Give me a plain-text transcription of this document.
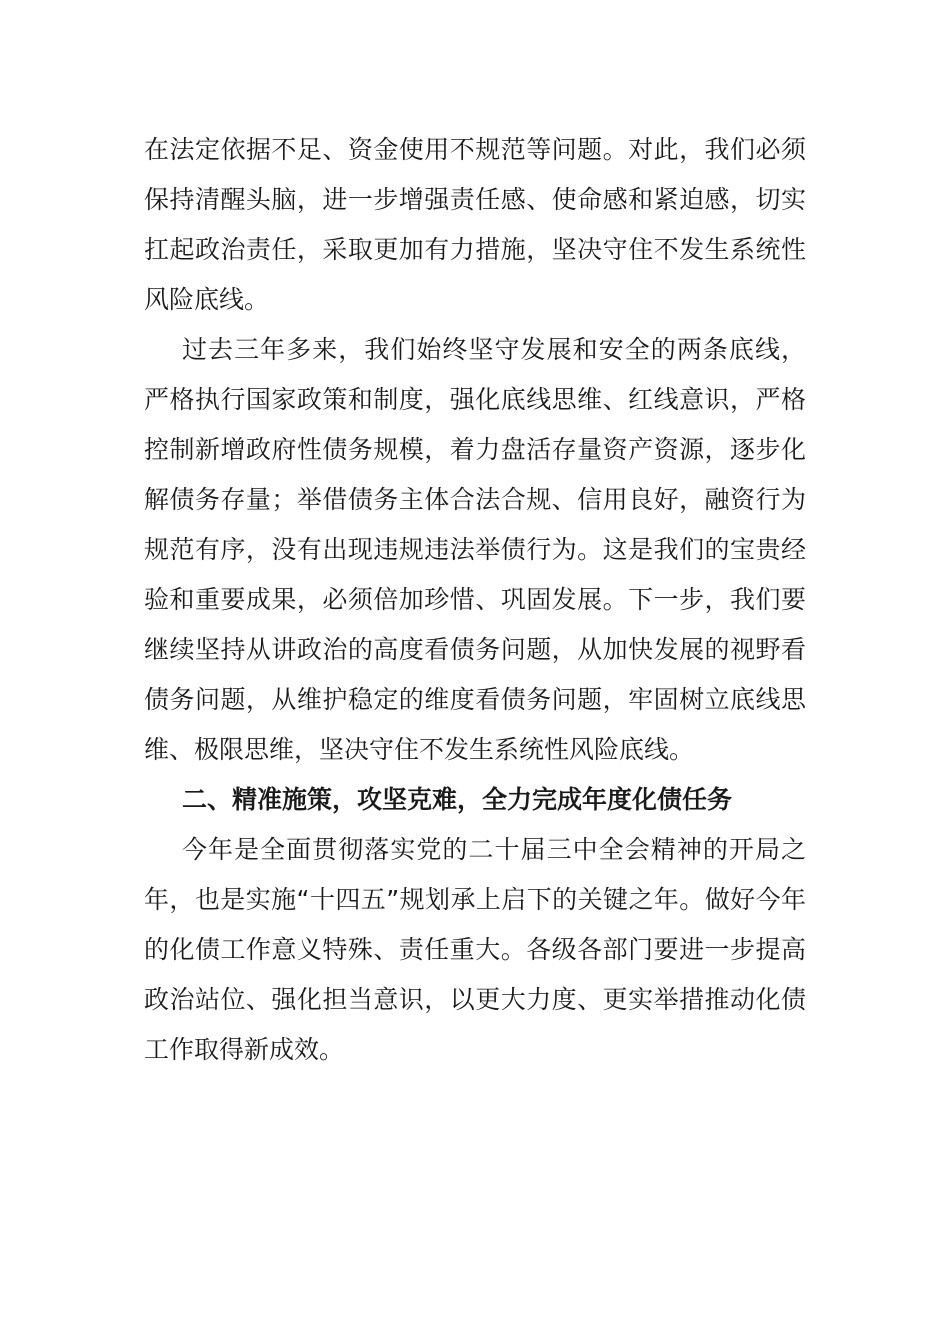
在法定依据不足、资金使用不规范等问题。对此，我们必须保持清醒头脑，进一步增强责任感、使命感和紧迫感，切实扛起政治责任，采取更加有力措施，坚决守住不发生系统性风险底线。

过去三年多来，我们始终坚守发展和安全的两条底线，严格执行国家政策和制度，强化底线思维、红线意识，严格控制新增政府性债务规模，着力盘活存量资产资源，逐步化解债务存量；举借债务主体合法合规、信用良好，融资行为规范有序，没有出现违规违法举债行为。这是我们的宝贵经验和重要成果，必须倍加珍惜、巩固发展。下一步，我们要继续坚持从讲政治的高度看债务问题，从加快发展的视野看债务问题，从维护稳定的维度看债务问题，牢固树立底线思维、极限思维，坚决守住不发生系统性风险底线。

二、精准施策，攻坚克难，全力完成年度化债任务

今年是全面贯彻落实党的二十届三中全会精神的开局之年，也是实施“十四五”规划承上启下的关键之年。做好今年的化债工作意义特殊、责任重大。各级各部门要进一步提高政治站位、强化担当意识，以更大力度、更实举措推动化债工作取得新成效。
